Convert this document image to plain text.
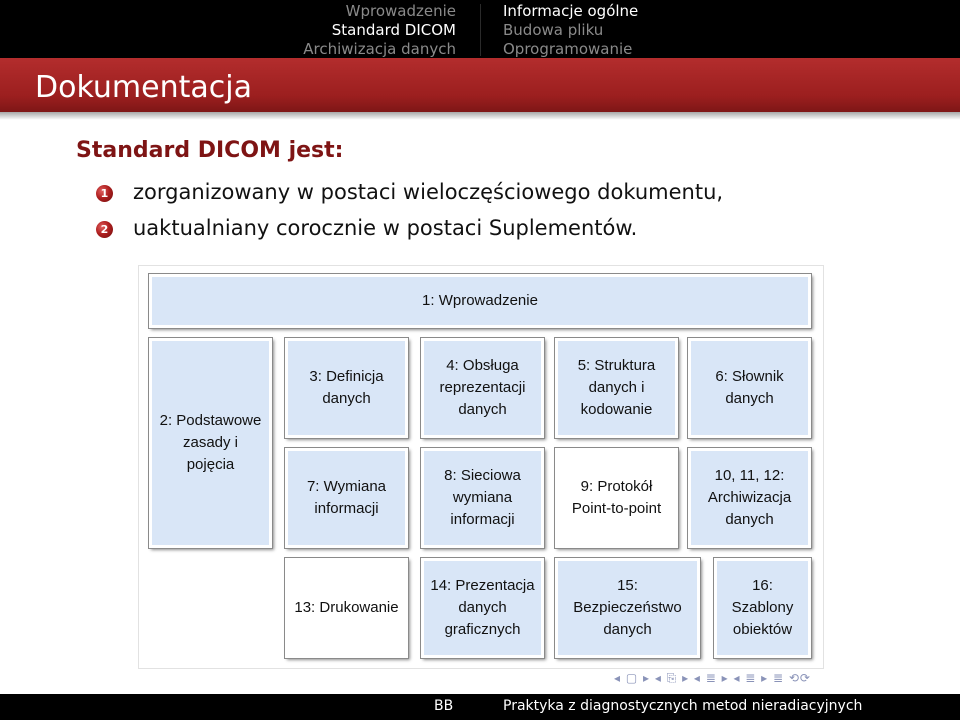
Wprowadzenie
Standard DICOM
Archiwizacja danych
Informacje ogólne
Budowa pliku
Oprogramowanie
Dokumentacja
Standard DICOM jest:
1 zorganizowany w postaci wieloczęściowego dokumentu,
2 uaktualniany corocznie w postaci Suplementów.
1: Wprowadzenie
2: Podstawowe zasady i pojęcia
3: Definicja danych
4: Obsługa reprezentacji danych
5: Struktura danych i kodowanie
6: Słownik danych
7: Wymiana informacji
8: Sieciowa wymiana informacji
9: Protokół Point-to-point
10, 11, 12: Archiwizacja danych
13: Drukowanie
14: Prezentacja danych graficznych
15: Bezpieczeństwo danych
16: Szablony obiektów
◂ ▢ ▸ ◂ ⎘ ▸ ◂ ≣ ▸ ◂ ≣ ▸ ≣ ⟲⟳
BB	Praktyka z diagnostycznych metod nieradiacyjnych
